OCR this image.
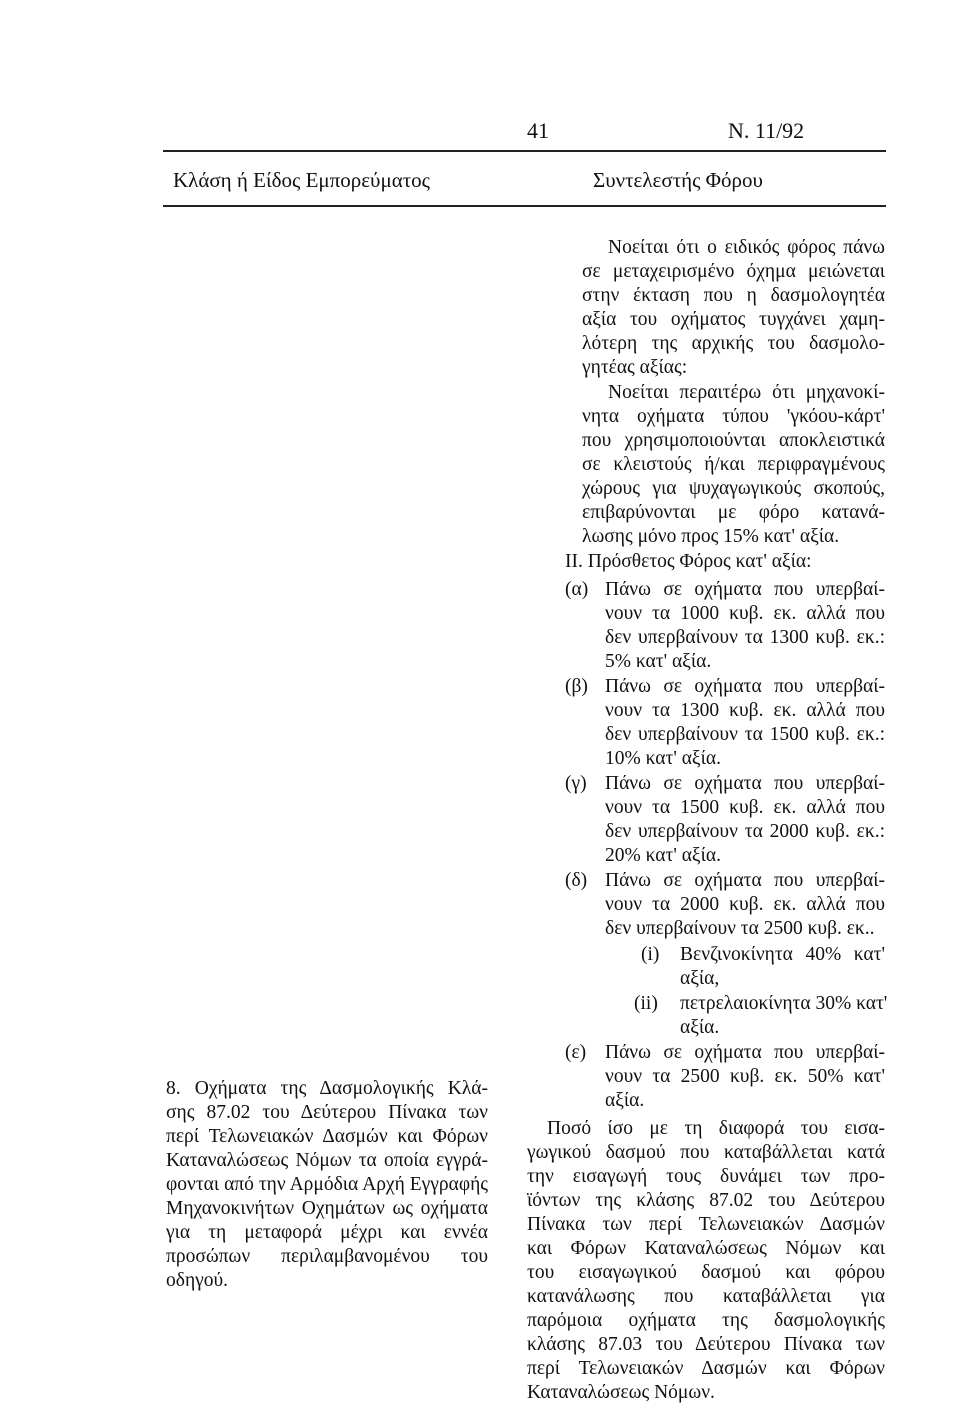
41	Ν. 11/92
Κλάση ή Είδος Εμπορεύματος	Συντελεστής Φόρου
8. Οχήματα της Δασμολογικής Κλά-
σης 87.02 του Δεύτερου Πίνακα των
περί Τελωνειακών Δασμών και Φόρων
Καταναλώσεως Νόμων τα οποία εγγρά-
φονται από την Αρμόδια Αρχή Εγγραφής
Μηχανοκινήτων Οχημάτων ως οχήματα
για τη μεταφορά μέχρι και εννέα
προσώπων περιλαμβανομένου του
οδηγού.
Νοείται ότι ο ειδικός φόρος πάνω
σε μεταχειρισμένο όχημα μειώνεται
στην έκταση που η δασμολογητέα
αξία του οχήματος τυγχάνει χαμη-
λότερη της αρχικής του δασμολο-
γητέας αξίας:
Νοείται περαιτέρω ότι μηχανοκί-
νητα οχήματα τύπου 'γκόου-κάρτ'
που χρησιμοποιούνται αποκλειστικά
σε κλειστούς ή/και περιφραγμένους
χώρους για ψυχαγωγικούς σκοπούς,
επιβαρύνονται με φόρο κατανά-
λωσης μόνο προς 15% κατ' αξία.
ΙΙ. Πρόσθετος Φόρος κατ' αξία:
(α) Πάνω σε οχήματα που υπερβαί-
νουν τα 1000 κυβ. εκ. αλλά που
δεν υπερβαίνουν τα 1300 κυβ. εκ.:
5% κατ' αξία.
(β) Πάνω σε οχήματα που υπερβαί-
νουν τα 1300 κυβ. εκ. αλλά που
δεν υπερβαίνουν τα 1500 κυβ. εκ.:
10% κατ' αξία.
(γ) Πάνω σε οχήματα που υπερβαί-
νουν τα 1500 κυβ. εκ. αλλά που
δεν υπερβαίνουν τα 2000 κυβ. εκ.:
20% κατ' αξία.
(δ) Πάνω σε οχήματα που υπερβαί-
νουν τα 2000 κυβ. εκ. αλλά που
δεν υπερβαίνουν τα 2500 κυβ. εκ..
(i) Βενζινοκίνητα 40% κατ'
αξία,
(ii) πετρελαιοκίνητα 30% κατ'
αξία.
(ε) Πάνω σε οχήματα που υπερβαί-
νουν τα 2500 κυβ. εκ. 50% κατ'
αξία.
Ποσό ίσο με τη διαφορά του εισα-
γωγικού δασμού που καταβάλλεται κατά
την εισαγωγή τους δυνάμει των προ-
ϊόντων της κλάσης 87.02 του Δεύτερου
Πίνακα των περί Τελωνειακών Δασμών
και Φόρων Καταναλώσεως Νόμων και
του εισαγωγικού δασμού και φόρου
κατανάλωσης που καταβάλλεται για
παρόμοια οχήματα της δασμολογικής
κλάσης 87.03 του Δεύτερου Πίνακα των
περί Τελωνειακών Δασμών και Φόρων
Καταναλώσεως Νόμων.
